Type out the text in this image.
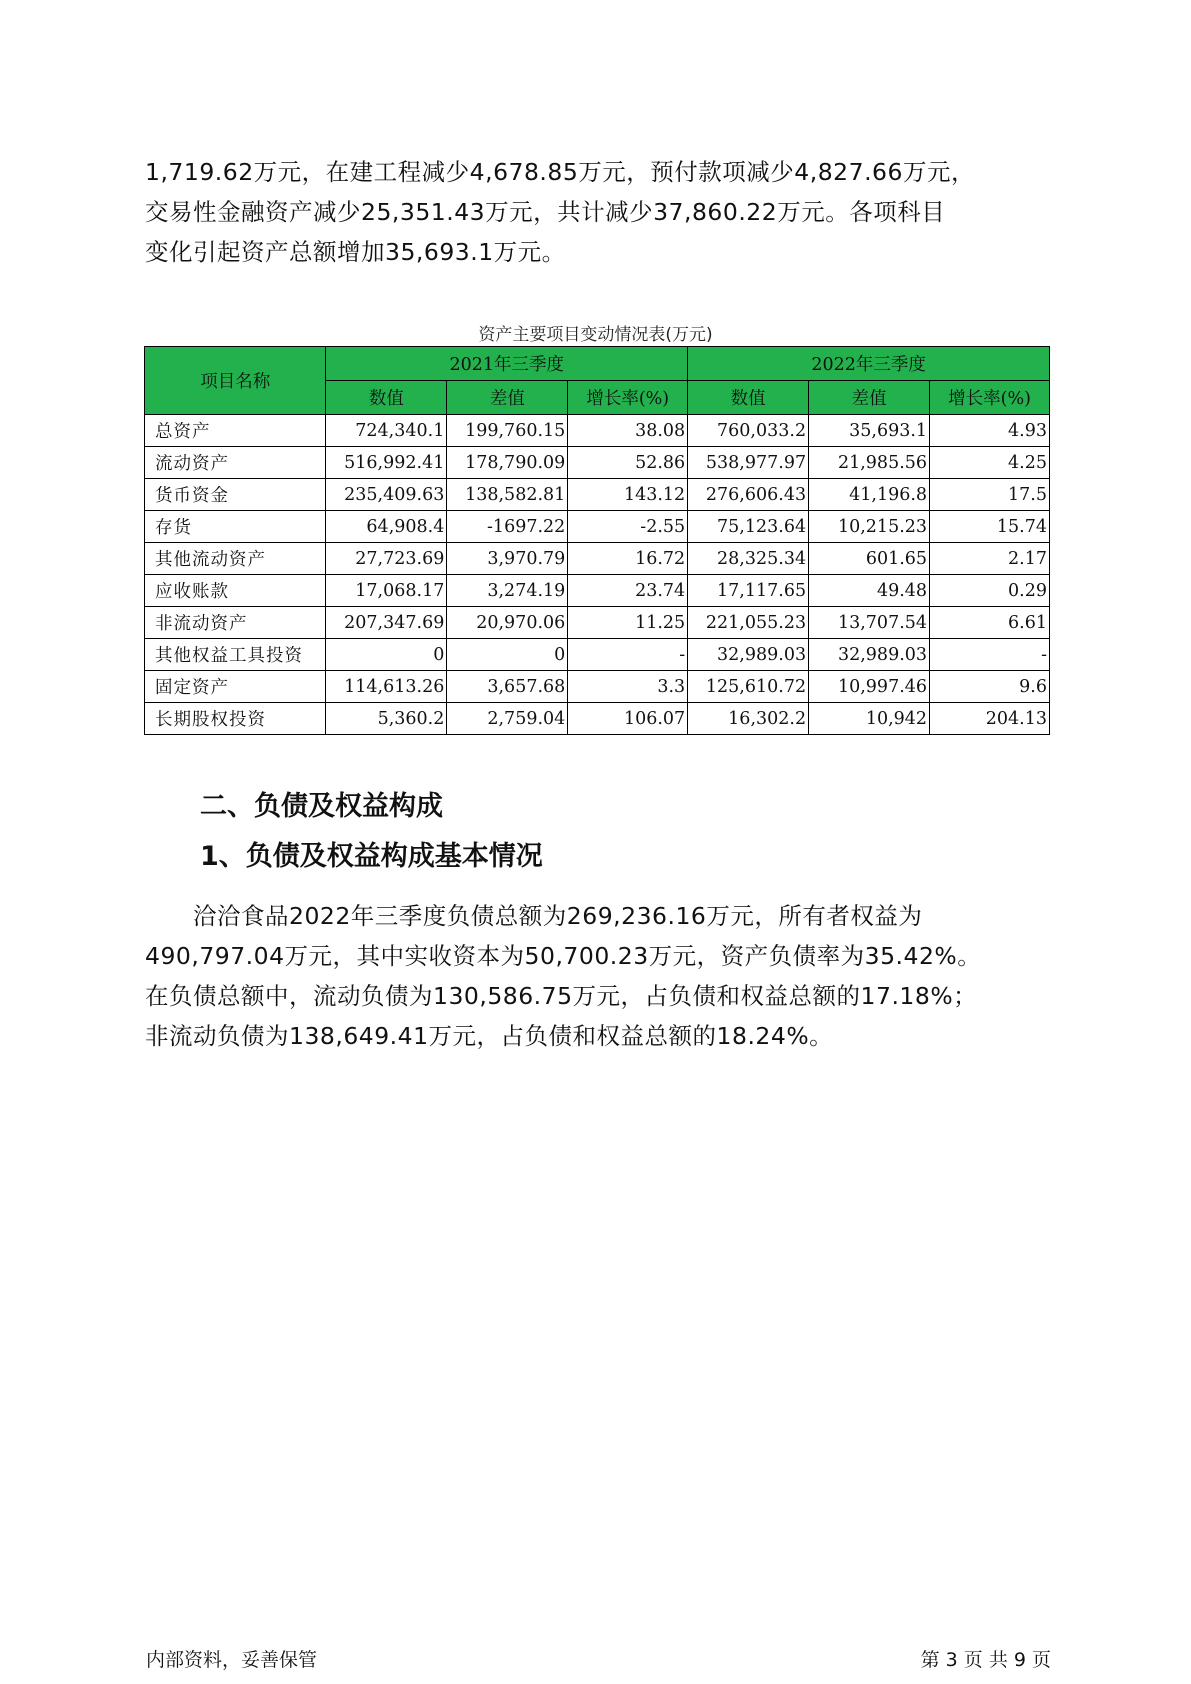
1,719.62万元，在建工程减少4,678.85万元，预付款项减少4,827.66万元，
交易性金融资产减少25,351.43万元，共计减少37,860.22万元。各项科目
变化引起资产总额增加35,693.1万元。

资产主要项目变动情况表(万元)
项目名称	2021年三季度			2022年三季度		
	数值	差值	增长率(%)	数值	差值	增长率(%)
总资产	724,340.1	199,760.15	38.08	760,033.2	35,693.1	4.93
流动资产	516,992.41	178,790.09	52.86	538,977.97	21,985.56	4.25
货币资金	235,409.63	138,582.81	143.12	276,606.43	41,196.8	17.5
存货	64,908.4	-1697.22	-2.55	75,123.64	10,215.23	15.74
其他流动资产	27,723.69	3,970.79	16.72	28,325.34	601.65	2.17
应收账款	17,068.17	3,274.19	23.74	17,117.65	49.48	0.29
非流动资产	207,347.69	20,970.06	11.25	221,055.23	13,707.54	6.61
其他权益工具投资	0	0	-	32,989.03	32,989.03	-
固定资产	114,613.26	3,657.68	3.3	125,610.72	10,997.46	9.6
长期股权投资	5,360.2	2,759.04	106.07	16,302.2	10,942	204.13
二、负债及权益构成
1、负债及权益构成基本情况

　　洽洽食品2022年三季度负债总额为269,236.16万元，所有者权益为
490,797.04万元，其中实收资本为50,700.23万元，资产负债率为35.42%。
在负债总额中，流动负债为130,586.75万元，占负债和权益总额的17.18%；
非流动负债为138,649.41万元，占负债和权益总额的18.24%。

内部资料，妥善保管	第 3 页 共 9 页
